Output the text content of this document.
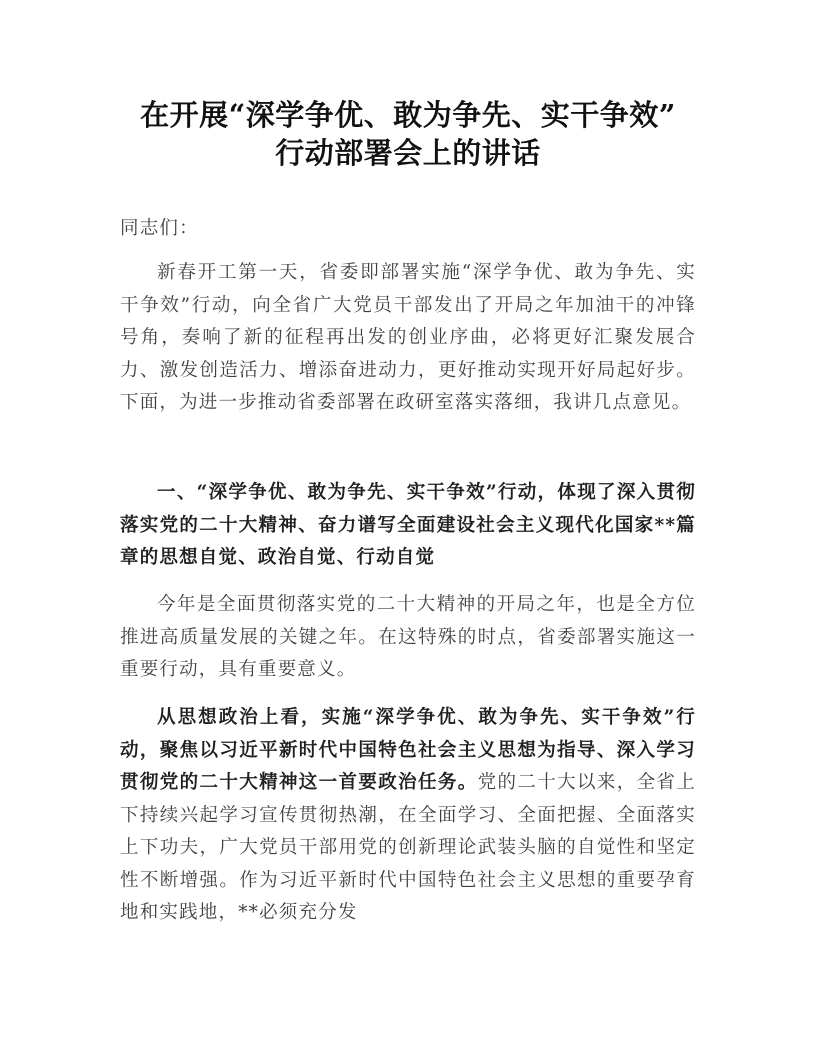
在开展“深学争优、敢为争先、实干争效”
行动部署会上的讲话
同志们：
新春开工第一天，省委即部署实施“深学争优、敢为争先、实干争效”行动，向全省广大党员干部发出了开局之年加油干的冲锋号角，奏响了新的征程再出发的创业序曲，必将更好汇聚发展合力、激发创造活力、增添奋进动力，更好推动实现开好局起好步。下面，为进一步推动省委部署在政研室落实落细，我讲几点意见。
一、“深学争优、敢为争先、实干争效”行动，体现了深入贯彻落实党的二十大精神、奋力谱写全面建设社会主义现代化国家**篇章的思想自觉、政治自觉、行动自觉
今年是全面贯彻落实党的二十大精神的开局之年，也是全方位推进高质量发展的关键之年。在这特殊的时点，省委部署实施这一重要行动，具有重要意义。
从思想政治上看，实施“深学争优、敢为争先、实干争效”行动，聚焦以习近平新时代中国特色社会主义思想为指导、深入学习贯彻党的二十大精神这一首要政治任务。党的二十大以来，全省上下持续兴起学习宣传贯彻热潮，在全面学习、全面把握、全面落实上下功夫，广大党员干部用党的创新理论武装头脑的自觉性和坚定性不断增强。作为习近平新时代中国特色社会主义思想的重要孕育地和实践地，**必须充分发
